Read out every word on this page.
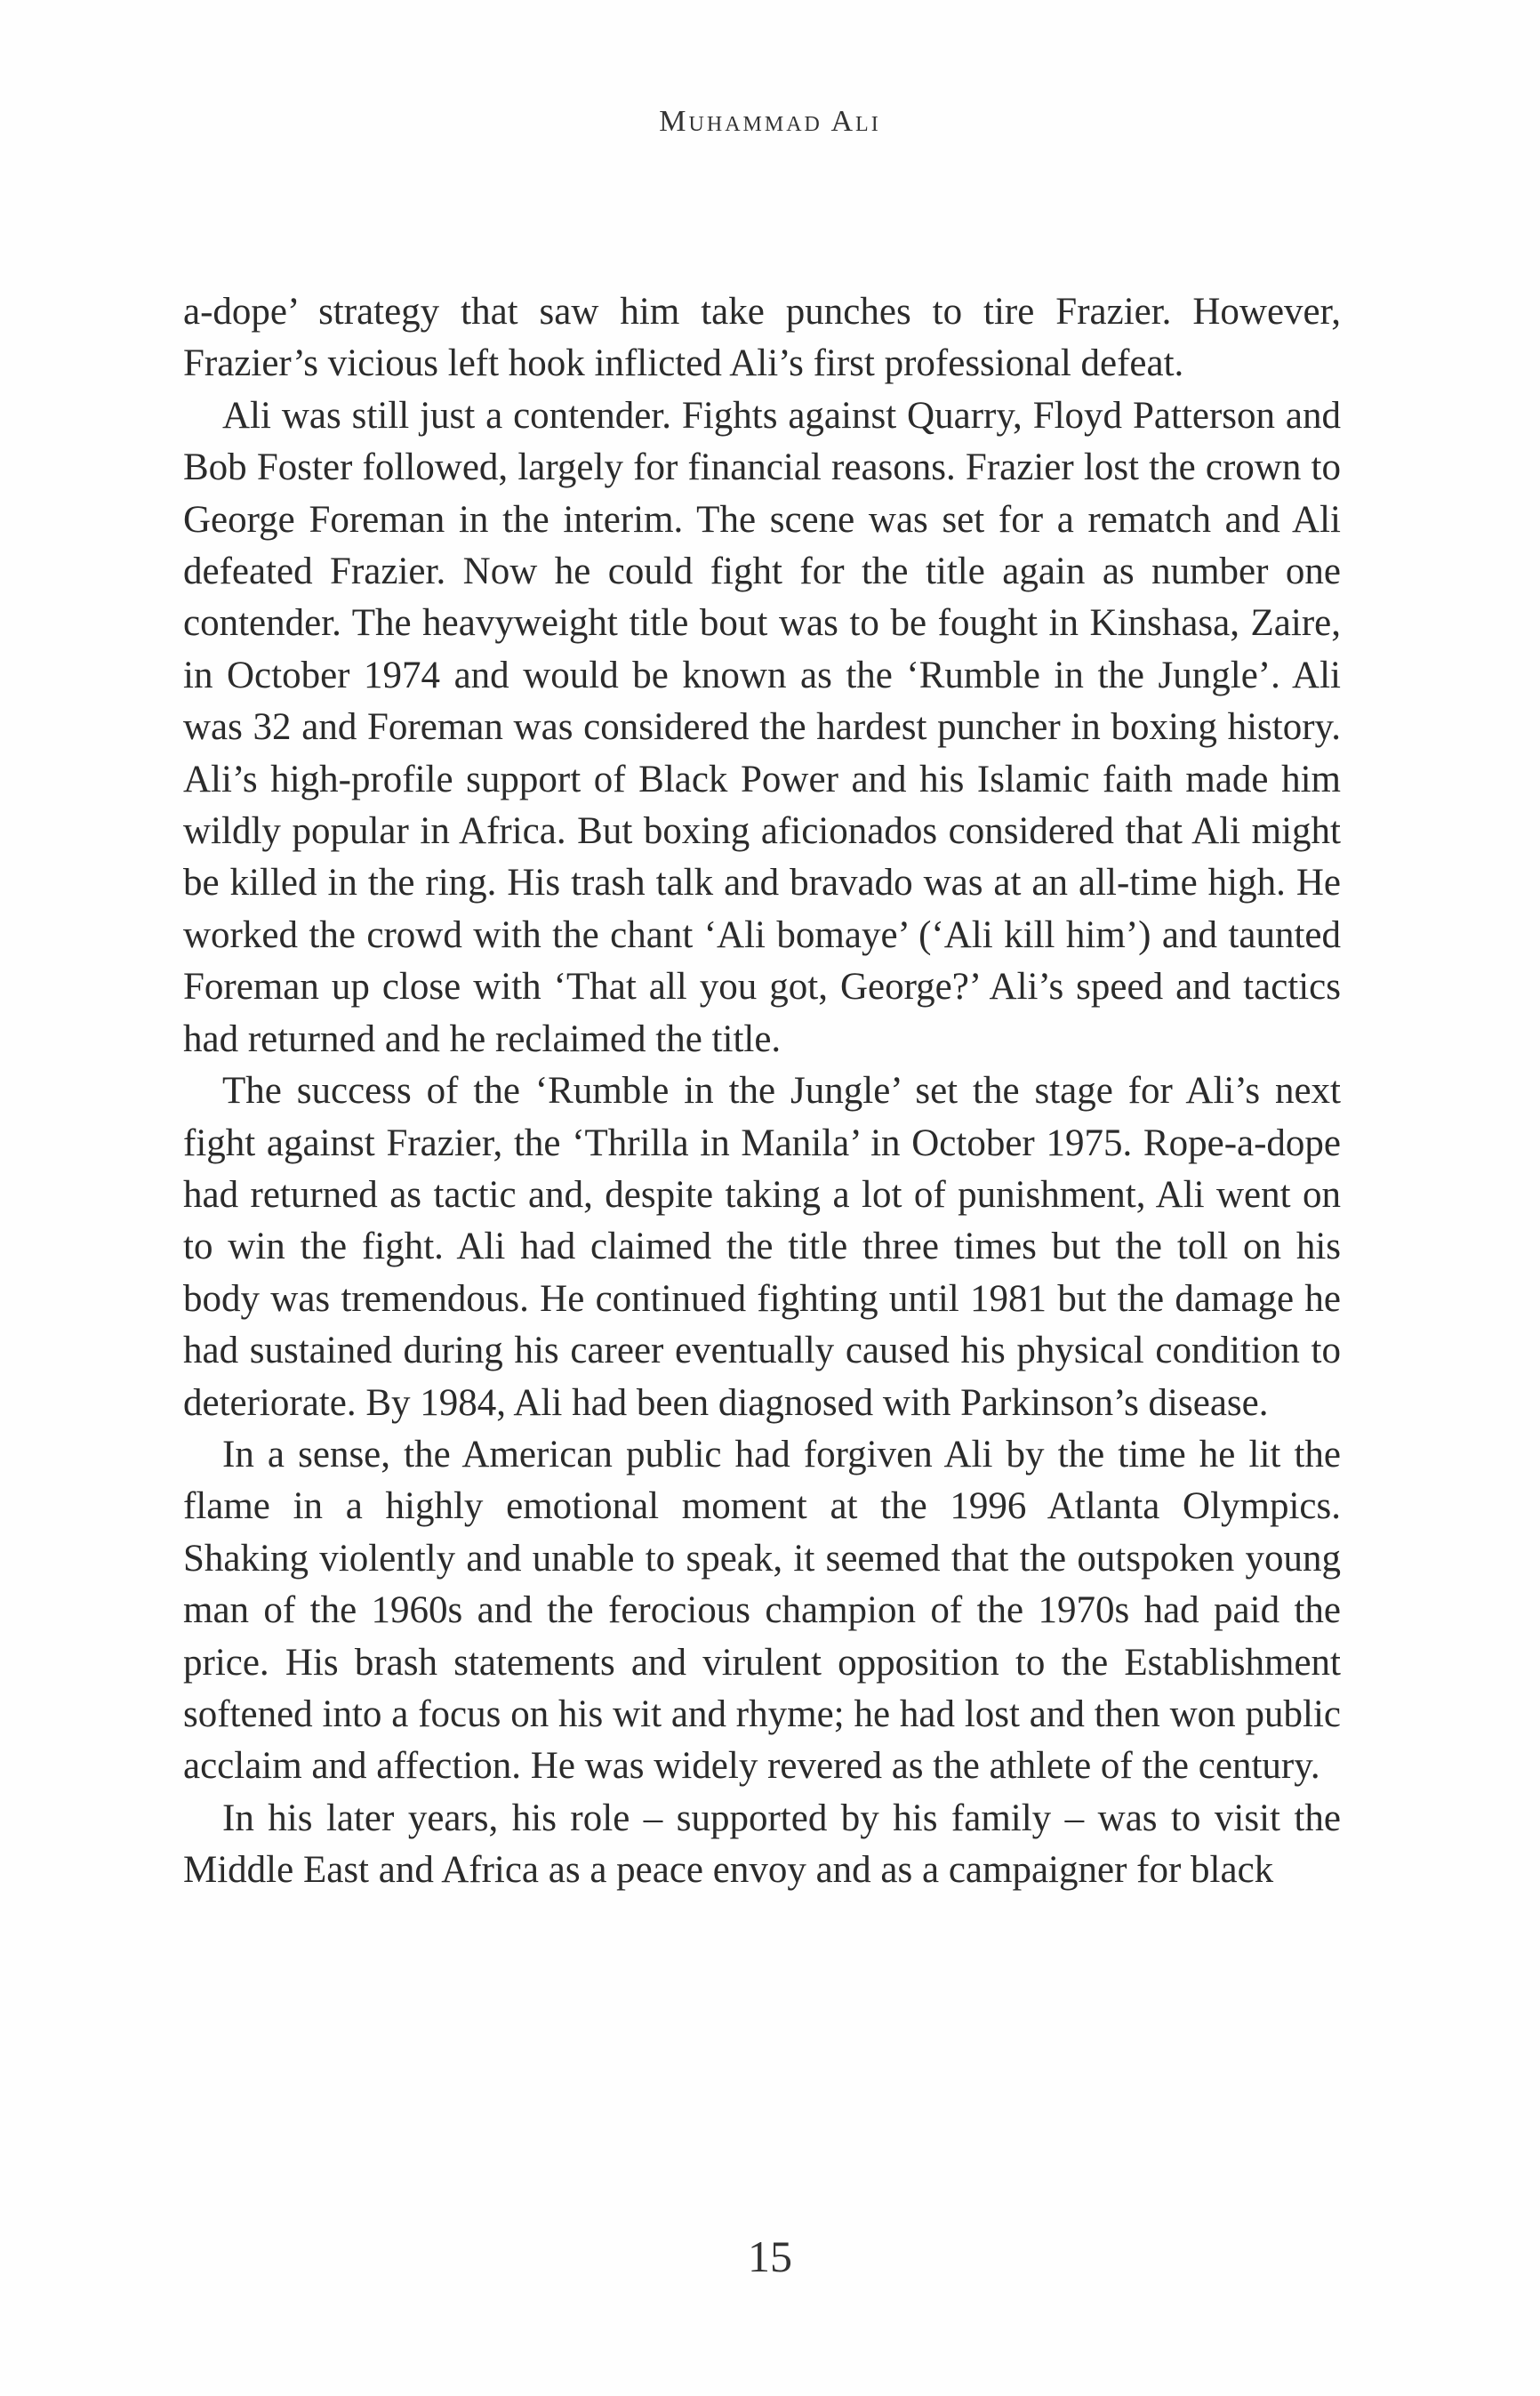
Muhammad Ali

a-dope’ strategy that saw him take punches to tire Frazier. However, Frazier’s vicious left hook inflicted Ali’s first professional defeat.

Ali was still just a contender. Fights against Quarry, Floyd Patterson and Bob Foster followed, largely for financial reasons. Frazier lost the crown to George Foreman in the interim. The scene was set for a rematch and Ali defeated Frazier. Now he could fight for the title again as number one contender. The heavyweight title bout was to be fought in Kinshasa, Zaire, in October 1974 and would be known as the ‘Rumble in the Jungle’. Ali was 32 and Foreman was considered the hardest puncher in boxing history. Ali’s high-profile support of Black Power and his Islamic faith made him wildly popular in Africa. But boxing aficionados considered that Ali might be killed in the ring. His trash talk and bravado was at an all-time high. He worked the crowd with the chant ‘Ali bomaye’ (‘Ali kill him’) and taunted Foreman up close with ‘That all you got, George?’ Ali’s speed and tactics had returned and he reclaimed the title.

The success of the ‘Rumble in the Jungle’ set the stage for Ali’s next fight against Frazier, the ‘Thrilla in Manila’ in October 1975. Rope-a-dope had returned as tactic and, despite taking a lot of punishment, Ali went on to win the fight. Ali had claimed the title three times but the toll on his body was tremendous. He continued fighting until 1981 but the damage he had sustained during his career eventually caused his physical condition to deteriorate. By 1984, Ali had been diagnosed with Parkinson’s disease.

In a sense, the American public had forgiven Ali by the time he lit the flame in a highly emotional moment at the 1996 Atlanta Olympics. Shaking violently and unable to speak, it seemed that the outspoken young man of the 1960s and the ferocious champion of the 1970s had paid the price. His brash statements and virulent opposition to the Establishment softened into a focus on his wit and rhyme; he had lost and then won public acclaim and affection. He was widely revered as the athlete of the century.

In his later years, his role – supported by his family – was to visit the Middle East and Africa as a peace envoy and as a campaigner for black

15
